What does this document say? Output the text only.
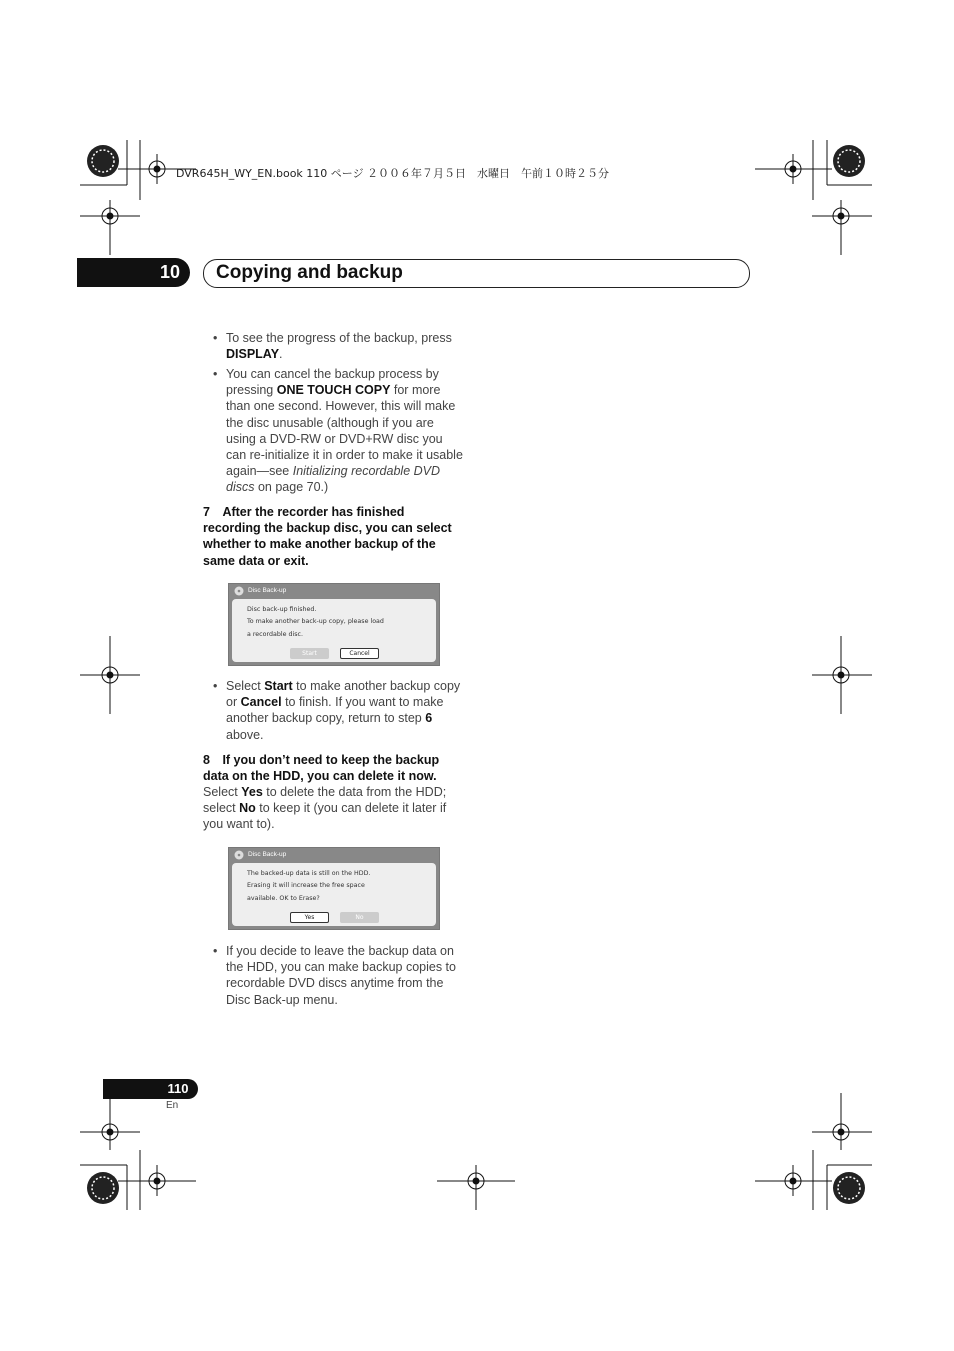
DVR645H_WY_EN.book 110 ページ ２００６年７月５日　水曜日　午前１０時２５分
10	Copying and backup
• To see the progress of the backup, press DISPLAY.
• You can cancel the backup process by pressing ONE TOUCH COPY for more than one second. However, this will make the disc unusable (although if you are using a DVD-RW or DVD+RW disc you can re-initialize it in order to make it usable again—see Initializing recordable DVD discs on page 70.)
7 After the recorder has finished recording the backup disc, you can select whether to make another backup of the same data or exit.
• Select Start to make another backup copy or Cancel to finish. If you want to make another backup copy, return to step 6 above.
8 If you don’t need to keep the backup data on the HDD, you can delete it now.
Select Yes to delete the data from the HDD; select No to keep it (you can delete it later if you want to).
• If you decide to leave the backup data on the HDD, you can make backup copies to recordable DVD discs anytime from the Disc Back-up menu.
Disc Back-up
Disc back-up finished.
To make another back-up copy, please load
a recordable disc.
Start	Cancel
Disc Back-up
The backed-up data is still on the HDD.
Erasing it will increase the free space
available. OK to Erase?
Yes	No
110
En
